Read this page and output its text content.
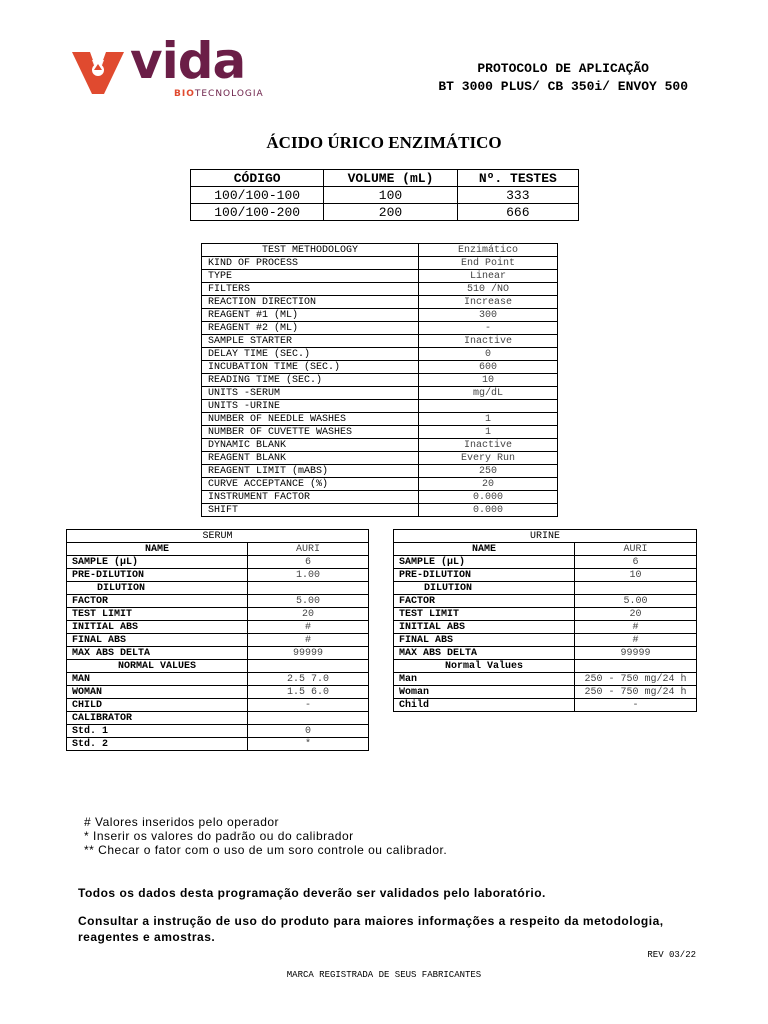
vida
BIOTECNOLOGIA
PROTOCOLO DE APLICAÇÃO
BT 3000 PLUS/ CB 350i/ ENVOY 500
ÁCIDO ÚRICO ENZIMÁTICO
CÓDIGO	VOLUME (mL)	Nº. TESTES
100/100-100	100	333
100/100-200	200	666
TEST METHODOLOGY	Enzimático
KIND OF PROCESS	End Point
TYPE	Linear
FILTERS	510 /NO
REACTION DIRECTION	Increase
REAGENT #1 (ML)	300
REAGENT #2 (ML)	-
SAMPLE STARTER	Inactive
DELAY TIME (SEC.)	0
INCUBATION TIME (SEC.)	600
READING TIME (SEC.)	10
UNITS -SERUM	mg/dL
UNITS -URINE	
NUMBER OF NEEDLE WASHES	1
NUMBER OF CUVETTE WASHES	1
DYNAMIC BLANK	Inactive
REAGENT BLANK	Every Run
REAGENT LIMIT (mABS)	250
CURVE ACCEPTANCE (%)	20
INSTRUMENT FACTOR	0.000
SHIFT	0.000
SERUM	
NAME	AURI
SAMPLE (µL)	6
PRE-DILUTION	1.00
DILUTION	
FACTOR	5.00
TEST LIMIT	20
INITIAL ABS	#
FINAL ABS	#
MAX ABS DELTA	99999
NORMAL VALUES	
MAN	2.5 7.0
WOMAN	1.5 6.0
CHILD	-
CALIBRATOR	
Std. 1	0
Std. 2	*
URINE	
NAME	AURI
SAMPLE (µL)	6
PRE-DILUTION	10
DILUTION	
FACTOR	5.00
TEST LIMIT	20
INITIAL ABS	#
FINAL ABS	#
MAX ABS DELTA	99999
Normal Values	
Man	250 - 750 mg/24 h
Woman	250 - 750 mg/24 h
Child	-
# Valores inseridos pelo operador
* Inserir os valores do padrão ou do calibrador
** Checar o fator com o uso de um soro controle ou calibrador.
Todos os dados desta programação deverão ser validados pelo laboratório.
Consultar a instrução de uso do produto para maiores informações a respeito da metodologia, reagentes e amostras.
REV 03/22
MARCA REGISTRADA DE SEUS FABRICANTES
